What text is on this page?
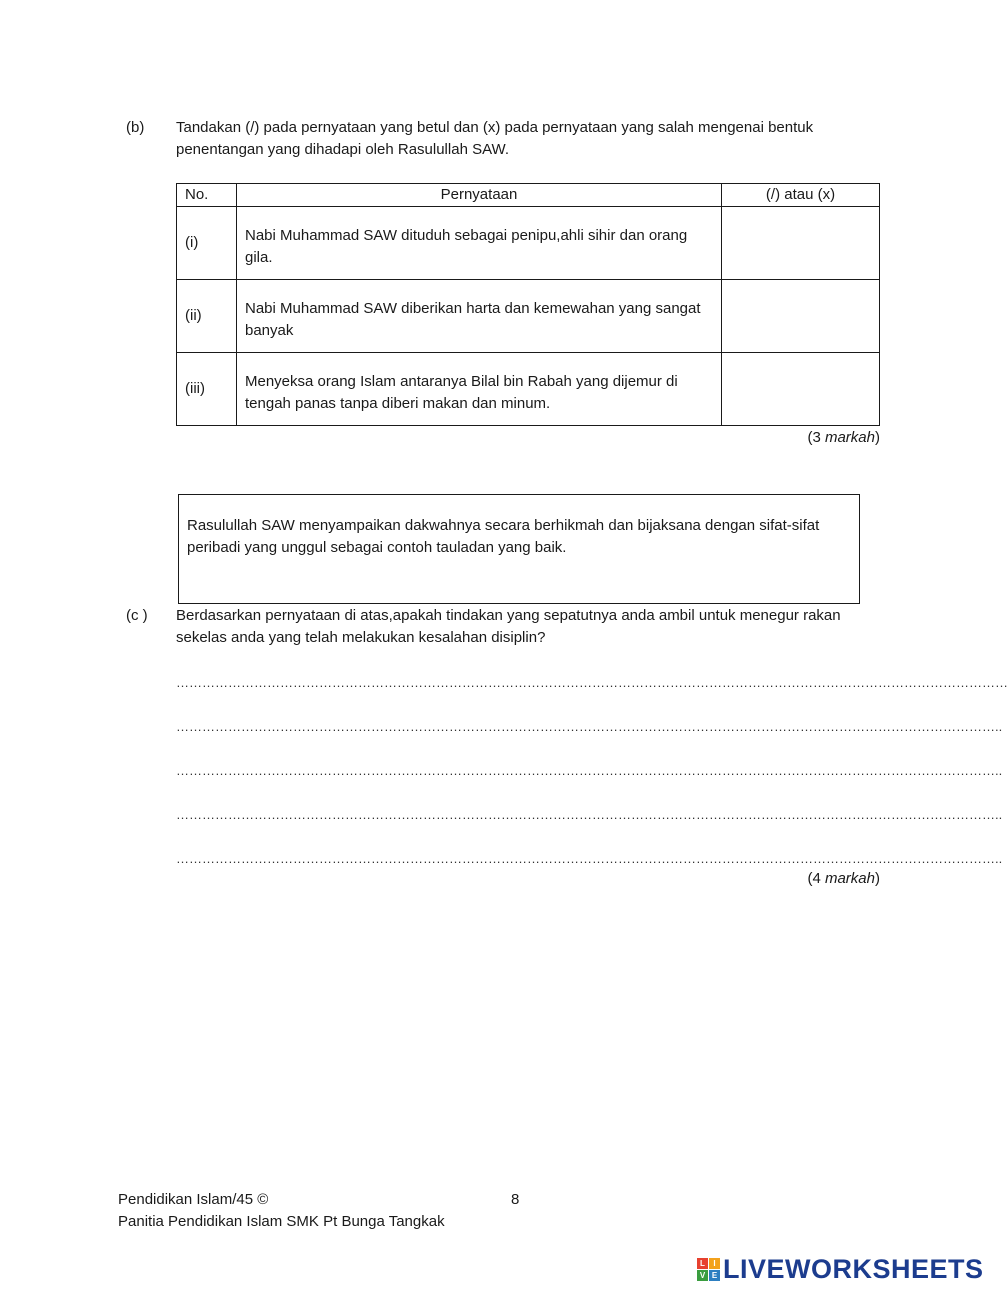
(b) Tandakan (/) pada pernyataan yang betul dan (x) pada pernyataan yang salah mengenai bentuk penentangan yang dihadapi oleh Rasulullah SAW.
No.	Pernyataan	(/) atau (x)
(i)	Nabi Muhammad SAW dituduh sebagai penipu,ahli sihir dan orang gila.	
(ii)	Nabi Muhammad SAW diberikan harta dan kemewahan yang sangat banyak	
(iii)	Menyeksa orang Islam antaranya Bilal bin Rabah yang dijemur di tengah panas tanpa diberi makan dan minum.	
(3 markah)
Rasulullah SAW menyampaikan dakwahnya secara berhikmah dan bijaksana dengan sifat-sifat peribadi yang unggul sebagai contoh tauladan yang baik.
(c ) Berdasarkan pernyataan di atas,apakah tindakan yang sepatutnya anda ambil untuk menegur rakan sekelas anda yang telah melakukan kesalahan disiplin?
…………………………………………………………………………………………………………………………………………………………………………
………………………………………………………………………………………………………………………………………………………………………..
………………………………………………………………………………………………………………………………………………………………………..
………………………………………………………………………………………………………………………………………………………………………..
………………………………………………………………………………………………………………………………………………………………………..
(4 markah)
Pendidikan Islam/45 ©	8
Panitia Pendidikan Islam SMK Pt Bunga Tangkak
L	I
V E LIVEWORKSHEETS
